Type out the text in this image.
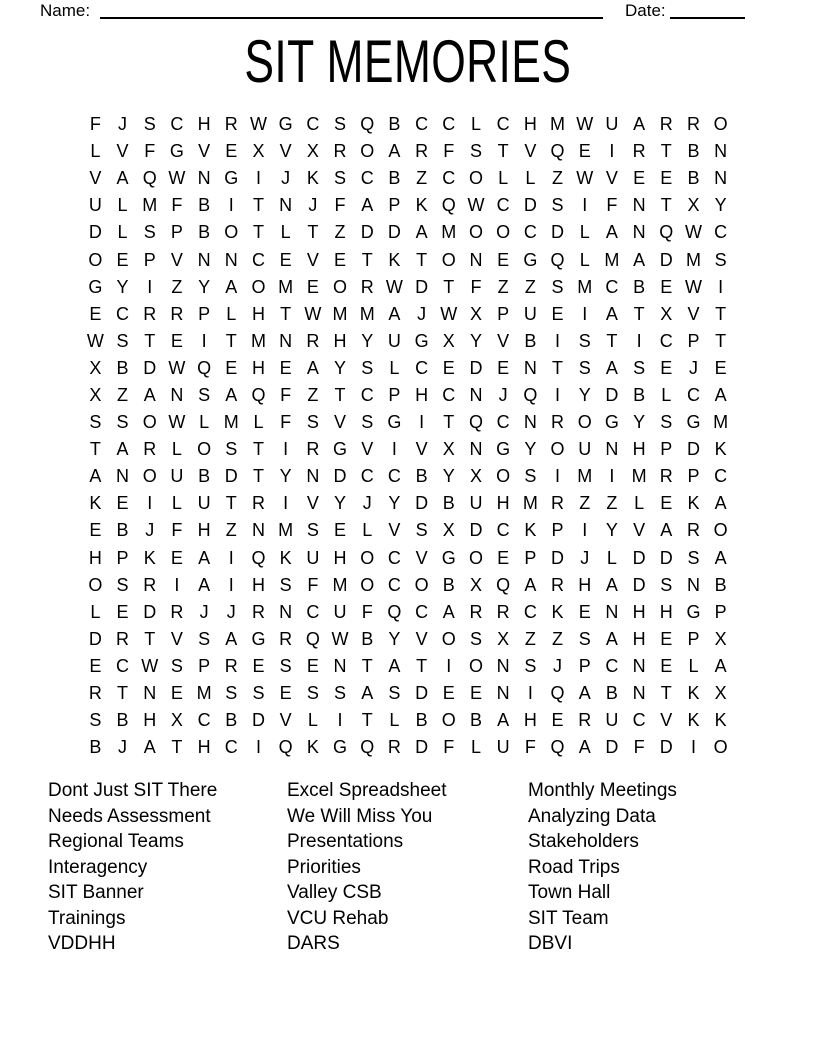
Name:	Date:
SIT MEMORIES
F J S C H R W G C S Q B C C L C H M W U A R R O
L V F G V E X V X R O A R F S T V Q E	I	R T B N
V A Q W N G I	J K S C B Z C O L L Z W V E E B N
U L M F B	I	T N J F A P K Q W C D S	I	F N T X Y
D L S P B O T L T Z D D A M O O C D L A N Q W C
O E P V N N C E V E T K T O N E G Q L M A D M S
G Y	I	Z Y A O M E O R W D T F Z Z S M C B E W I
E C R R P L H T W M M A J W X P U E	I	A T X V T
W S T E	I	T M N R H Y U G X Y V B	I	S T	I	C P T
X B D W Q E H E A Y S L C E D E N T S A S E J E
X Z A N S A Q F Z T C P H C N J Q I	Y D B L C A
S S O W L M L F S V S G I	T Q C N R O G Y S G M
T A R L O S T	I	R G V	I	V X N G Y O U N H P D K
A N O U B D T Y N D C C B Y X O S	I M I M R P C
K E	I	L U T R	I	V Y J Y D B U H M R Z Z L E K A
E B J F H Z N M S E L V S X D C K P	I	Y V A R O
H P K E A	I Q K U H O C V G O E P D J L D D S A
O S R	I	A	I	H S F M O C O B X Q A R H A D S N B
L E D R J	J R N C U F Q C A R R C K E N H H G P
D R T V S A G R Q W B Y V O S X Z Z S A H E P X
E C W S P R E S E N T A T	I O N S J P C N E L A
R T N E M S S E S S A S D E E N	I Q A B N T K X
S B H X C B D V L	I	T L B O B A H E R U C V K K
B J A T H C	I Q K G Q R D F L U F Q A D F D	I O
Dont Just SIT There
Needs Assessment
Regional Teams
Interagency
SIT Banner
Trainings
VDDHH
Excel Spreadsheet
We Will Miss You
Presentations
Priorities
Valley CSB
VCU Rehab
DARS
Monthly Meetings
Analyzing Data
Stakeholders
Road Trips
Town Hall
SIT Team
DBVI
